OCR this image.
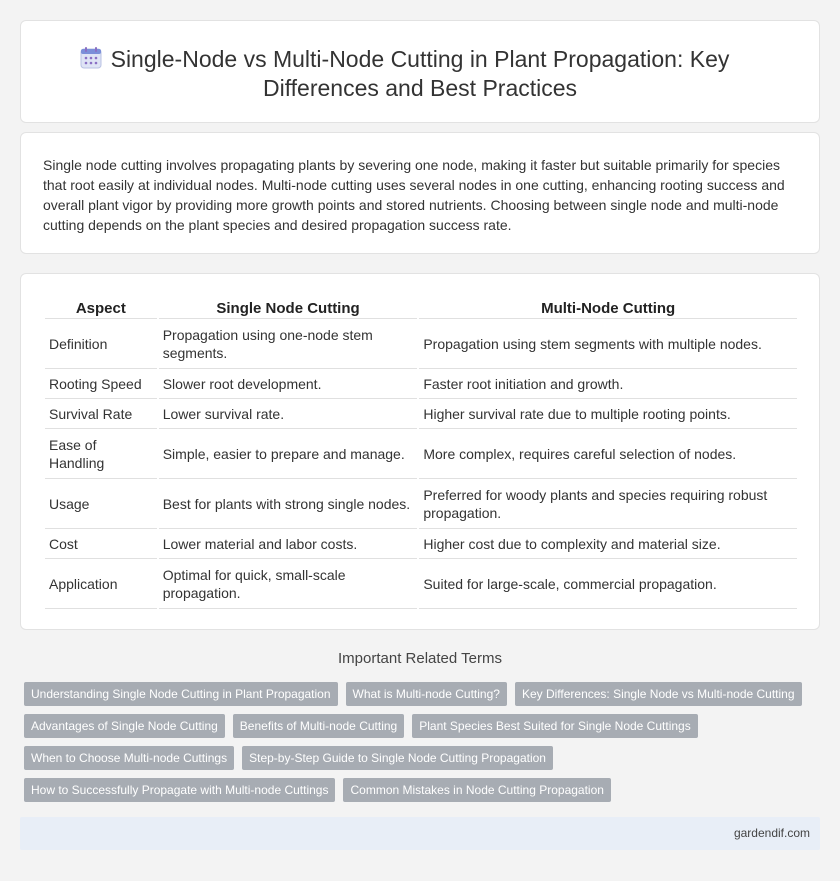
Single-Node vs Multi-Node Cutting in Plant Propagation: Key Differences and Best Practices

Single node cutting involves propagating plants by severing one node, making it faster but suitable primarily for species that root easily at individual nodes. Multi-node cutting uses several nodes in one cutting, enhancing rooting success and overall plant vigor by providing more growth points and stored nutrients. Choosing between single node and multi-node cutting depends on the plant species and desired propagation success rate.

Aspect	Single Node Cutting	Multi-Node Cutting
Definition	Propagation using one-node stem segments.	Propagation using stem segments with multiple nodes.
Rooting Speed	Slower root development.	Faster root initiation and growth.
Survival Rate	Lower survival rate.	Higher survival rate due to multiple rooting points.
Ease of Handling	Simple, easier to prepare and manage.	More complex, requires careful selection of nodes.
Usage	Best for plants with strong single nodes.	Preferred for woody plants and species requiring robust propagation.
Cost	Lower material and labor costs.	Higher cost due to complexity and material size.
Application	Optimal for quick, small-scale propagation.	Suited for large-scale, commercial propagation.
Important Related Terms
Understanding Single Node Cutting in Plant Propagation	What is Multi-node Cutting?	Key Differences: Single Node vs Multi-node Cutting
Advantages of Single Node Cutting	Benefits of Multi-node Cutting	Plant Species Best Suited for Single Node Cuttings
When to Choose Multi-node Cuttings	Step-by-Step Guide to Single Node Cutting Propagation
How to Successfully Propagate with Multi-node Cuttings	Common Mistakes in Node Cutting Propagation
gardendif.com
